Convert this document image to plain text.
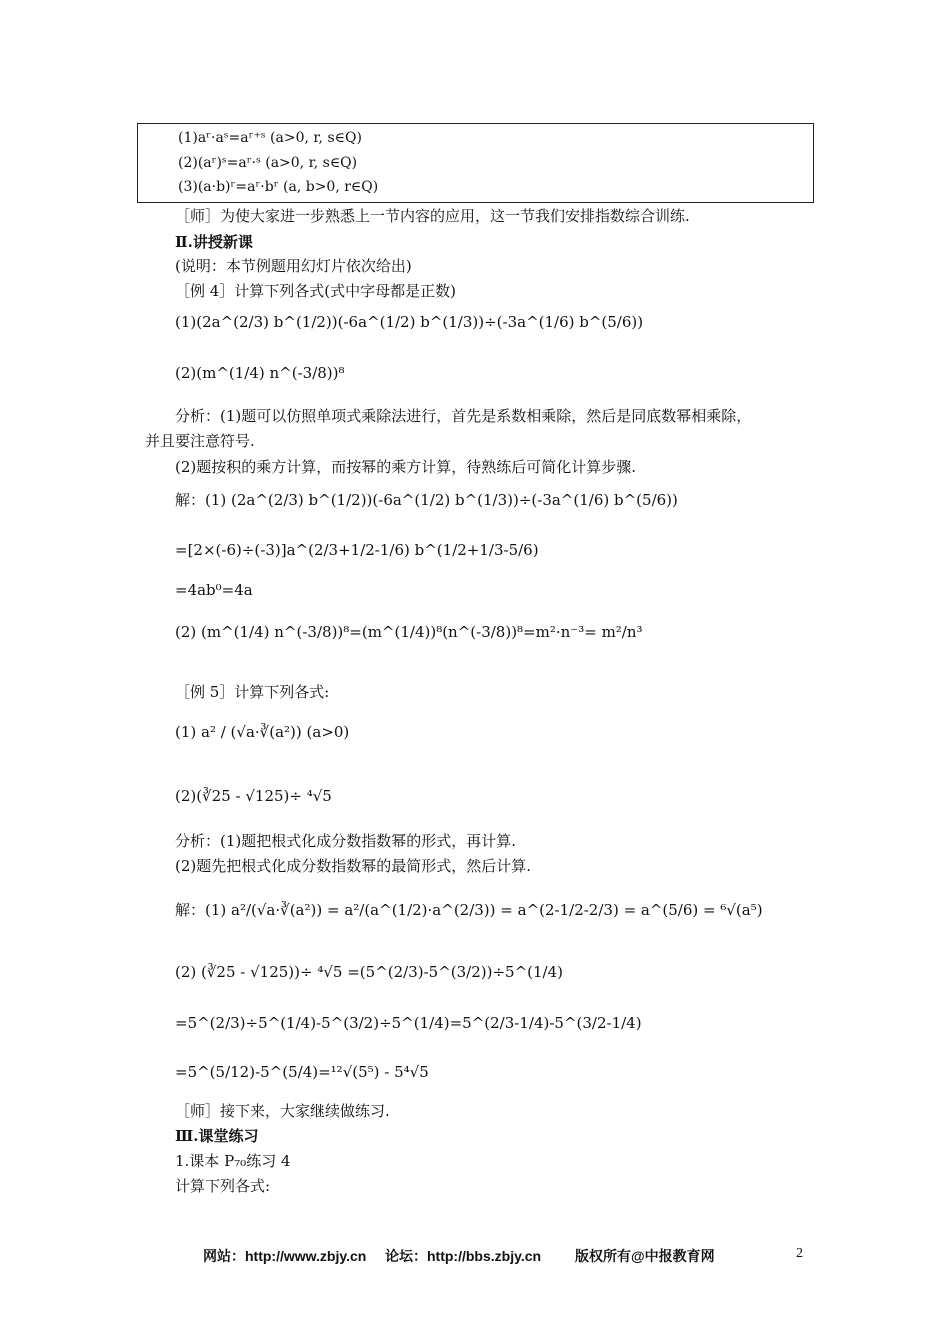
(1)aʳ·aˢ=aʳ⁺ˢ (a>0, r, s∈Q)
(2)(aʳ)ˢ=aʳ·ˢ (a>0, r, s∈Q)
(3)(a·b)ʳ=aʳ·bʳ (a, b>0, r∈Q)
［师］为使大家进一步熟悉上一节内容的应用，这一节我们安排指数综合训练.
Ⅱ.讲授新课
(说明：本节例题用幻灯片依次给出)
［例 4］计算下列各式(式中字母都是正数)
(1)(2a^(2/3) b^(1/2))(-6a^(1/2) b^(1/3))÷(-3a^(1/6) b^(5/6))
(2)(m^(1/4) n^(-3/8))⁸
分析：(1)题可以仿照单项式乘除法进行，首先是系数相乘除，然后是同底数幂相乘除，
并且要注意符号.
(2)题按积的乘方计算，而按幂的乘方计算，待熟练后可简化计算步骤.
解：(1) (2a^(2/3) b^(1/2))(-6a^(1/2) b^(1/3))÷(-3a^(1/6) b^(5/6))
=[2×(-6)÷(-3)]a^(2/3+1/2-1/6) b^(1/2+1/3-5/6)
=4ab⁰=4a
(2) (m^(1/4) n^(-3/8))⁸=(m^(1/4))⁸(n^(-3/8))⁸=m²·n⁻³= m²/n³
［例 5］计算下列各式:
(1) a² / (√a·∛(a²)) (a>0)
(2)(∛25 - √125)÷ ⁴√5
分析：(1)题把根式化成分数指数幂的形式，再计算.
(2)题先把根式化成分数指数幂的最简形式，然后计算.
解：(1) a²/(√a·∛(a²)) = a²/(a^(1/2)·a^(2/3)) = a^(2-1/2-2/3) = a^(5/6) = ⁶√(a⁵)
(2) (∛25 - √125))÷ ⁴√5 =(5^(2/3)-5^(3/2))÷5^(1/4)
=5^(2/3)÷5^(1/4)-5^(3/2)÷5^(1/4)=5^(2/3-1/4)-5^(3/2-1/4)
=5^(5/12)-5^(5/4)=¹²√(5⁵) - 5⁴√5
［师］接下来，大家继续做练习.
Ⅲ.课堂练习
1.课本 P₇₀练习 4
计算下列各式:
网站：http://www.zbjy.cn 论坛：http://bbs.zbjy.cn 版权所有@中报教育网	2
